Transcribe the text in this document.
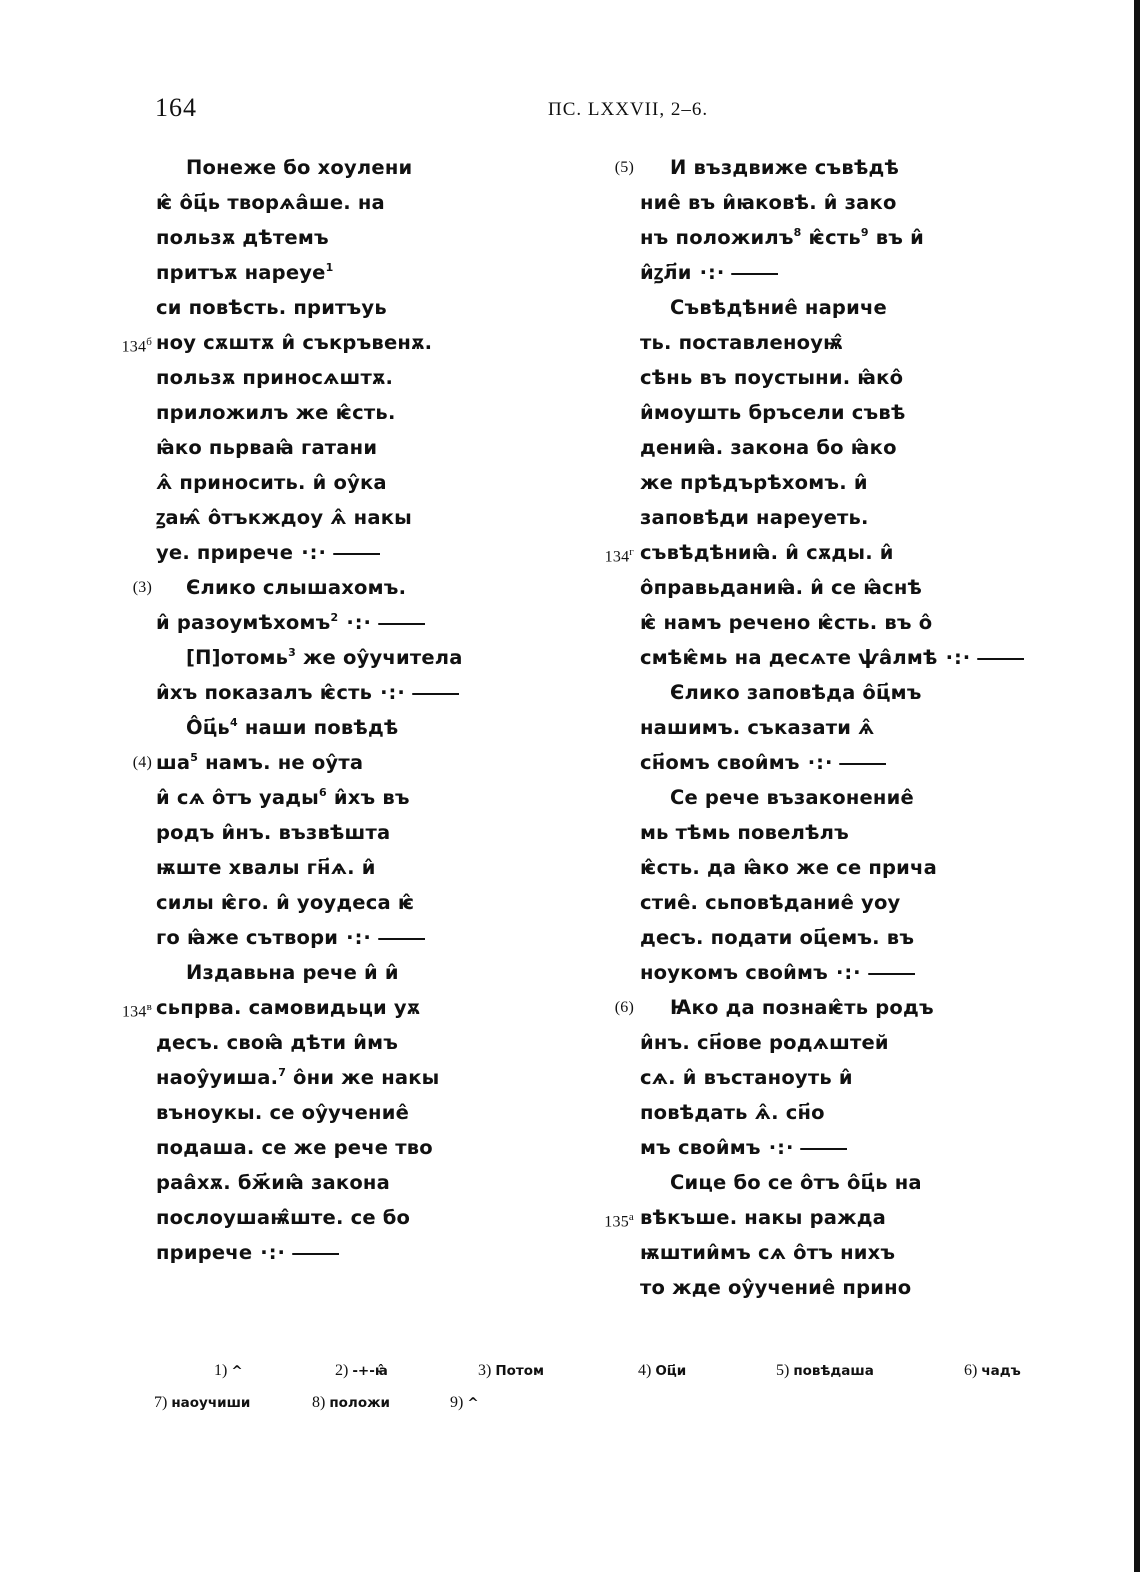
164	ПС. LXXVII, 2–6.
Понеже бо хоулени
ѥ̂ о̂ц҃ь творѧа̂ше. на
пользѫ дѣтемъ
притъѫ нареуе$^1$
си повѣсть. притъуь
$134^б$ ноу сѫштѫ и̂ съкръвенѫ.
пользѫ приносѧштѫ.
приложилъ же ѥ̂сть.
ꙗ̂ко пьрваꙗ̂ гатани
ѧ̂ приносить. и̂ оу̂ка
ꙁаѩ̂ о̂тъкждоу ѧ̂ накы
уе. прирече ·:·
(3) Єлико слышахомъ.
и̂ разоумѣхомъ$^2$ ·:·
[П]отомь$^3$ же оу̂учитела
и̂хъ показалъ ѥ̂сть ·:·
$О̂ц҃ь^4$ наши повѣдѣ
(4) $ша^5$ намъ. не оу̂та
и̂ сѧ о̂тъ уады$^6$ и̂хъ въ
родъ и̂нъ. възвѣшта
ѭште хвалы гн҃ѧ. и̂
силы ѥ̂го. и̂ уоудеса ѥ̂
го ꙗ̂же сътвори ·:·
Издавьна рече и̂ и̂
$134^в$ сьпрва. самовидьци уѫ
десъ. своꙗ̂ дѣти и̂мъ
наоу̂уиша.$^7$ о̂ни же накы
въноукы. се оу̂учение̂
подаша. се же рече тво
раа̂хѫ. бж҃иꙗ̂ закона
послоушаѭ̂ште. се бо
прирече ·:·
(5) И въздвиже съвѣдѣ
ние̂ въ и̂ꙗковѣ. и̂ закo
нъ положилъ$^8$ ѥ̂сть$^9$ въ и̂
и̂ꙁл҃и ·:·
Съвѣдѣние̂ нариче
ть. поставленоуѭ̂
сѣнь въ поустыни. ꙗ̂ко̂
и̂моушть бръсели съвѣ
дениꙗ̂. закона бо ꙗ̂ко
же прѣдърѣхомъ. и̂
заповѣди нарeуеть.
$134^г$ съвѣдѣниꙗ̂. и̂ сѫды. и̂
о̂правьданиꙗ̂. и̂ се ꙗ̂снѣ
ѥ̂ намъ речено ѥ̂сть. въ о̂
смѣѥ̂мь на десѧте ѱа̂лмѣ ·:·
Єлико заповѣда о̂ц҃мъ
нашимъ. съказати ѧ̂
сн҃омъ свои̂мъ ·:·
Се рече възаконение̂
мь тѣмь повелѣлъ
ѥ̂сть. да ꙗ̂ко же се прича
стие̂. сьповѣдание̂ уоу
десъ. подати оц҃емъ. въ
ноукомъ свои̂мъ ·:·
(6) Ꙗко да познаѥ̂ть родъ
и̂нъ. сн҃ове родѧштей
сѧ. и̂ въстаноуть и̂
повѣдать ѧ̂. сн҃о
мъ свои̂мъ ·:·
Сице бо се о̂тъ о̂ц҃ь на
$135^а$ вѣкъше. накы ражда
ѭштии̂мъ сѧ о̂тъ нихъ
то жде оу̂учение̂ прино
1) ^	2) -+-ꙗ̂	3) Потом	4) Оц҃и	5) повѣдаша	6) чадъ
7) наоучиши	8) положи	9) ^
